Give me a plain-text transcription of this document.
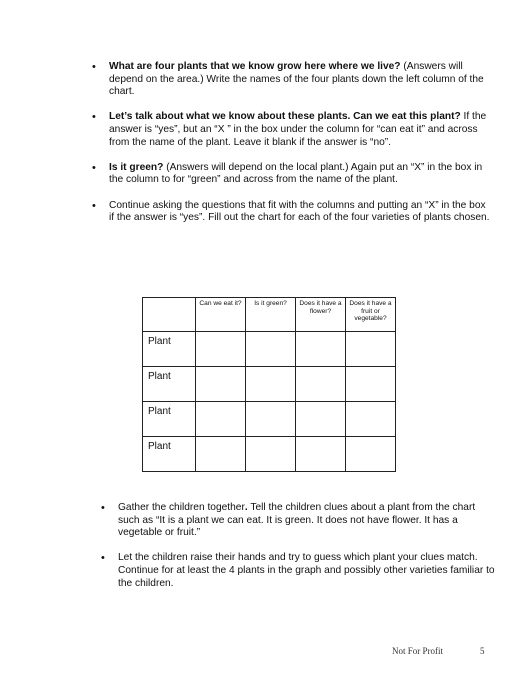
• What are four plants that we know grow here where we live? (Answers will depend on the area.) Write the names of the four plants down the left column of the chart.
• Let’s talk about what we know about these plants. Can we eat this plant? If the answer is “yes”, but an “X ” in the box under the column for “can eat it” and across from the name of the plant. Leave it blank if the answer is “no”.
• Is it green? (Answers will depend on the local plant.) Again put an “X” in the box in the column to for “green” and across from the name of the plant.
• Continue asking the questions that fit with the columns and putting an “X” in the box if the answer is “yes”. Fill out the chart for each of the four varieties of plants chosen.
	Can we eat it?	Is it green?	Does it have a flower?	Does it have a fruit or vegetable?
Plant				
Plant				
Plant				
Plant				
• Gather the children together. Tell the children clues about a plant from the chart such as “It is a plant we can eat. It is green. It does not have flower. It has a vegetable or fruit.”
• Let the children raise their hands and try to guess which plant your clues match. Continue for at least the 4 plants in the graph and possibly other varieties familiar to the children.
Not For Profit	5
